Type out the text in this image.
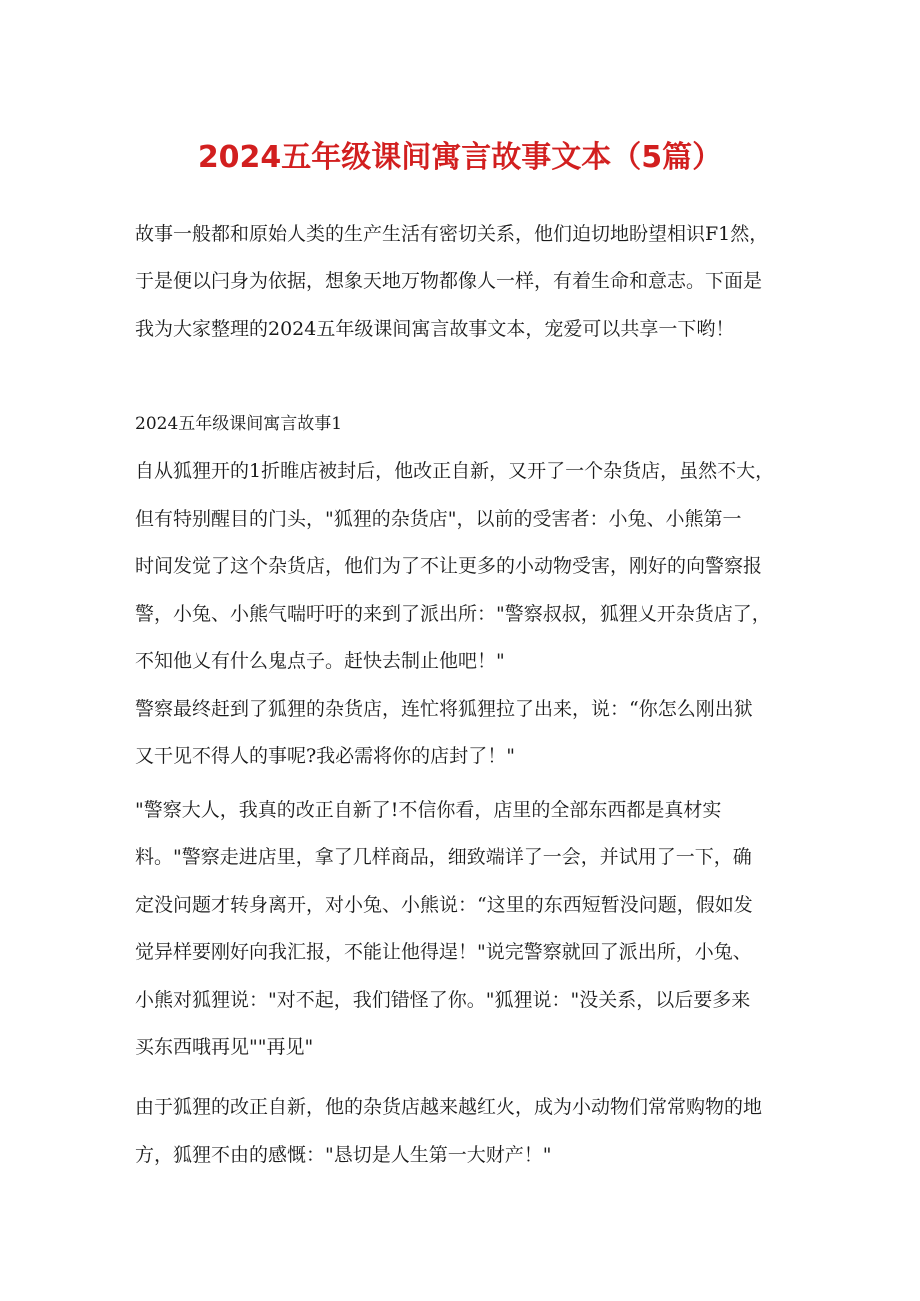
2024五年级课间寓言故事文本（5篇）

故事一般都和原始人类的生产生活有密切关系，他们迫切地盼望相识F1然，

于是便以闩身为依据，想象天地万物都像人一样，有着生命和意志。下面是

我为大家整理的2024五年级课间寓言故事文本，宠爱可以共享一下哟！

2024五年级课间寓言故事1

自从狐狸开的1折睢店被封后，他改正自新，又开了一个杂货店，虽然不大，

但有特别醒目的门头，"狐狸的杂货店"，以前的受害者：小兔、小熊第一

时间发觉了这个杂货店，他们为了不让更多的小动物受害，刚好的向警察报

警，小兔、小熊气喘吁吁的来到了派出所："警察叔叔，狐狸乂开杂货店了，

不知他乂有什么鬼点子。赶快去制止他吧！"

警察最终赶到了狐狸的杂货店，连忙将狐狸拉了出来，说：“你怎么刚出狱

又干见不得人的事呢?我必需将你的店封了！"

"警察大人，我真的改正自新了!不信你看，店里的全部东西都是真材实

料。"警察走进店里，拿了几样商品，细致端详了一会，并试用了一下，确

定没问题才转身离开，对小兔、小熊说：“这里的东西短暂没问题，假如发

觉异样要刚好向我汇报，不能让他得逞！"说完警察就回了派出所，小兔、

小熊对狐狸说："对不起，我们错怪了你。"狐狸说："没关系，以后要多来

买东西哦再见""再见"

由于狐狸的改正自新，他的杂货店越来越红火，成为小动物们常常购物的地

方，狐狸不由的感慨："恳切是人生第一大财产！"
